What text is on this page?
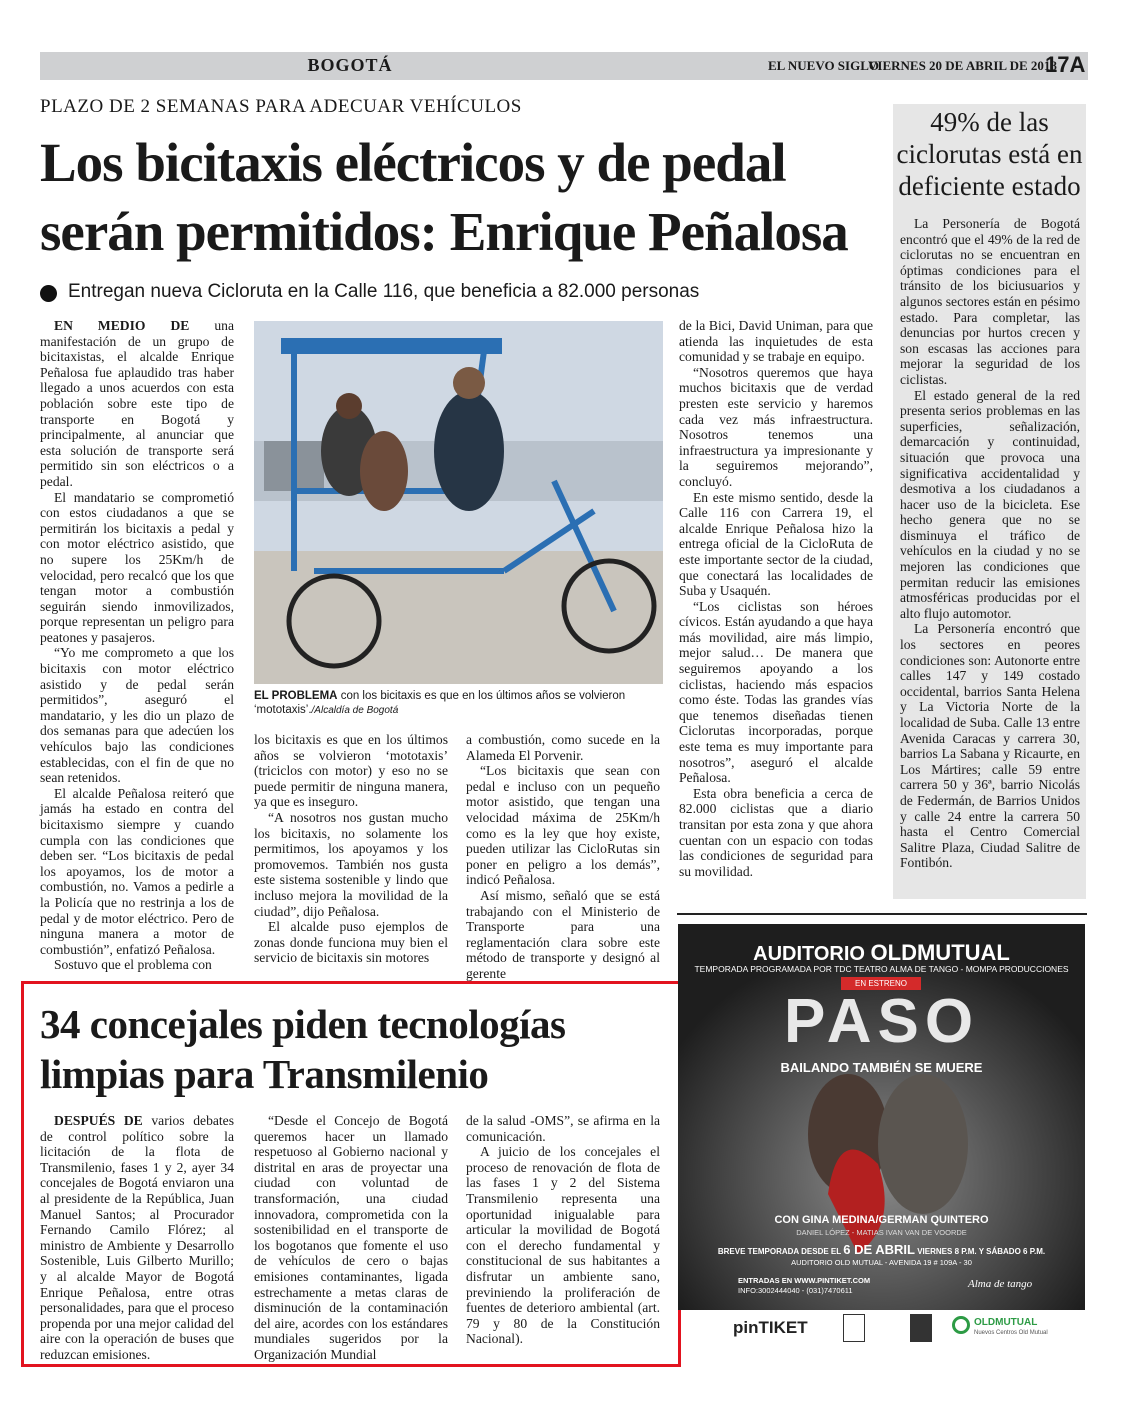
BOGOTÁ	EL NUEVO SIGLO
VIERNES 20 DE ABRIL DE 2018
17A
PLAZO DE 2 SEMANAS PARA ADECUAR VEHÍCULOS
Los bicitaxis eléctricos y de pedal serán permitidos: Enrique Peñalosa
Entregan nueva Cicloruta en la Calle 116, que beneficia a 82.000 personas

EN MEDIO DE una manifestación de un grupo de bicitaxistas, el alcalde Enrique Peñalosa fue aplaudido tras haber llegado a unos acuerdos con esta población sobre este tipo de transporte en Bogotá y principalmente, al anunciar que esta solución de transporte será permitido sin son eléctricos o a pedal.

El mandatario se comprometió con estos ciudadanos a que se permitirán los bicitaxis a pedal y con motor eléctrico asistido, que no supere los 25Km/h de velocidad, pero recalcó que los que tengan motor a combustión seguirán siendo inmovilizados, porque representan un peligro para peatones y pasajeros.

“Yo me comprometo a que los bicitaxis con motor eléctrico asistido y de pedal serán permitidos”, aseguró el mandatario, y les dio un plazo de dos semanas para que adecúen los vehículos bajo las condiciones establecidas, con el fin de que no sean retenidos.

El alcalde Peñalosa reiteró que jamás ha estado en contra del bicitaxismo siempre y cuando cumpla con las condiciones que deben ser. “Los bicitaxis de pedal los apoyamos, los de motor a combustión, no. Vamos a pedirle a la Policía que no restrinja a los de pedal y de motor eléctrico. Pero de ninguna manera a motor de combustión”, enfatizó Peñalosa.

Sostuvo que el problema con

EL PROBLEMA con los bicitaxis es que en los últimos años se volvieron ‘mototaxis’./Alcaldía de Bogotá

los bicitaxis es que en los últimos años se volvieron ‘mototaxis’ (triciclos con motor) y eso no se puede permitir de ninguna manera, ya que es inseguro.

“A nosotros nos gustan mucho los bicitaxis, no solamente los permitimos, los apoyamos y los promovemos. También nos gusta este sistema sostenible y lindo que incluso mejora la movilidad de la ciudad”, dijo Peñalosa.

El alcalde puso ejemplos de zonas donde funciona muy bien el servicio de bicitaxis sin motores

a combustión, como sucede en la Alameda El Porvenir.

“Los bicitaxis que sean con pedal e incluso con un pequeño motor asistido, que tengan una velocidad máxima de 25Km/h como es la ley que hoy existe, pueden utilizar las CicloRutas sin poner en peligro a los demás”, indicó Peñalosa.

Así mismo, señaló que se está trabajando con el Ministerio de Transporte para una reglamentación clara sobre este método de transporte y designó al gerente

de la Bici, David Uniman, para que atienda las inquietudes de esta comunidad y se trabaje en equipo.

“Nosotros queremos que haya muchos bicitaxis que de verdad presten este servicio y haremos cada vez más infraestructura. Nosotros tenemos una infraestructura ya impresionante y la seguiremos mejorando”, concluyó.

En este mismo sentido, desde la Calle 116 con Carrera 19, el alcalde Enrique Peñalosa hizo la entrega oficial de la CicloRuta de este importante sector de la ciudad, que conectará las localidades de Suba y Usaquén.

“Los ciclistas son héroes cívicos. Están ayudando a que haya más movilidad, aire más limpio, mejor salud… De manera que seguiremos apoyando a los ciclistas, haciendo más espacios como éste. Todas las grandes vías que tenemos diseñadas tienen Ciclorutas incorporadas, porque este tema es muy importante para nosotros”, aseguró el alcalde Peñalosa.

Esta obra beneficia a cerca de 82.000 ciclistas que a diario transitan por esta zona y que ahora cuentan con un espacio con todas las condiciones de seguridad para su movilidad.

49% de las ciclorutas está en deficiente estado

La Personería de Bogotá encontró que el 49% de la red de ciclorutas no se encuentran en óptimas condiciones para el tránsito de los biciusuarios y algunos sectores están en pésimo estado. Para completar, las denuncias por hurtos crecen y son escasas las acciones para mejorar la seguridad de los ciclistas.

El estado general de la red presenta serios problemas en las superficies, señalización, demarcación y continuidad, situación que provoca una significativa accidentalidad y desmotiva a los ciudadanos a hacer uso de la bicicleta. Ese hecho genera que no se disminuya el tráfico de vehículos en la ciudad y no se mejoren las condiciones que permitan reducir las emisiones atmosféricas producidas por el alto flujo automotor.

La Personería encontró que los sectores en peores condiciones son: Autonorte entre calles 147 y 149 costado occidental, barrios Santa Helena y La Victoria Norte de la localidad de Suba. Calle 13 entre Avenida Caracas y carrera 30, barrios La Sabana y Ricaurte, en Los Mártires; calle 59 entre carrera 50 y 36ª, barrio Nicolás de Federmán, de Barrios Unidos y calle 24 entre la carrera 50 hasta el Centro Comercial Salitre Plaza, Ciudad Salitre de Fontibón.

34 concejales piden tecnologías limpias para Transmilenio

DESPUÉS DE varios debates de control político sobre la licitación de la flota de Transmilenio, fases 1 y 2, ayer 34 concejales de Bogotá enviaron una al presidente de la República, Juan Manuel Santos; al Procurador Fernando Camilo Flórez; al ministro de Ambiente y Desarrollo Sostenible, Luis Gilberto Murillo; y al alcalde Mayor de Bogotá Enrique Peñalosa, entre otras personalidades, para que el proceso propenda por una mejor calidad del aire con la operación de buses que reduzcan emisiones.

“Desde el Concejo de Bogotá queremos hacer un llamado respetuoso al Gobierno nacional y distrital en aras de proyectar una ciudad con voluntad de transformación, una ciudad innovadora, comprometida con la sostenibilidad en el transporte de los bogotanos que fomente el uso de vehículos de cero o bajas emisiones contaminantes, ligada estrechamente a metas claras de disminución de la contaminación del aire, acordes con los estándares mundiales sugeridos por la Organización Mundial

de la salud -OMS”, se afirma en la comunicación.

A juicio de los concejales el proceso de renovación de flota de las fases 1 y 2 del Sistema Transmilenio representa una oportunidad inigualable para articular la movilidad de Bogotá con el derecho fundamental y constitucional de sus habitantes a disfrutar un ambiente sano, previniendo la proliferación de fuentes de deterioro ambiental (art. 79 y 80 de la Constitución Nacional).

AUDITORIO OLDMUTUAL
TEMPORADA PROGRAMADA POR TDC TEATRO ALMA DE TANGO - MOMPA PRODUCCIONES
EN ESTRENO
PASO
BAILANDO TAMBIÉN SE MUERE
CON GINA MEDINA/GERMAN QUINTERO
DANIEL LÓPEZ - MATIAS IVAN VAN DE VOORDE
BREVE TEMPORADA DESDE EL 6 DE ABRIL VIERNES 8 P.M. Y SÁBADO 6 P.M.
AUDITORIO OLD MUTUAL - AVENIDA 19 # 109A - 30
ENTRADAS EN WWW.PINTIKET.COM
INFO:3002444040 - (031)7470611
Alma de tango
pinTIKET	OLDMUTUAL
Nuevos Centros Old Mutual
